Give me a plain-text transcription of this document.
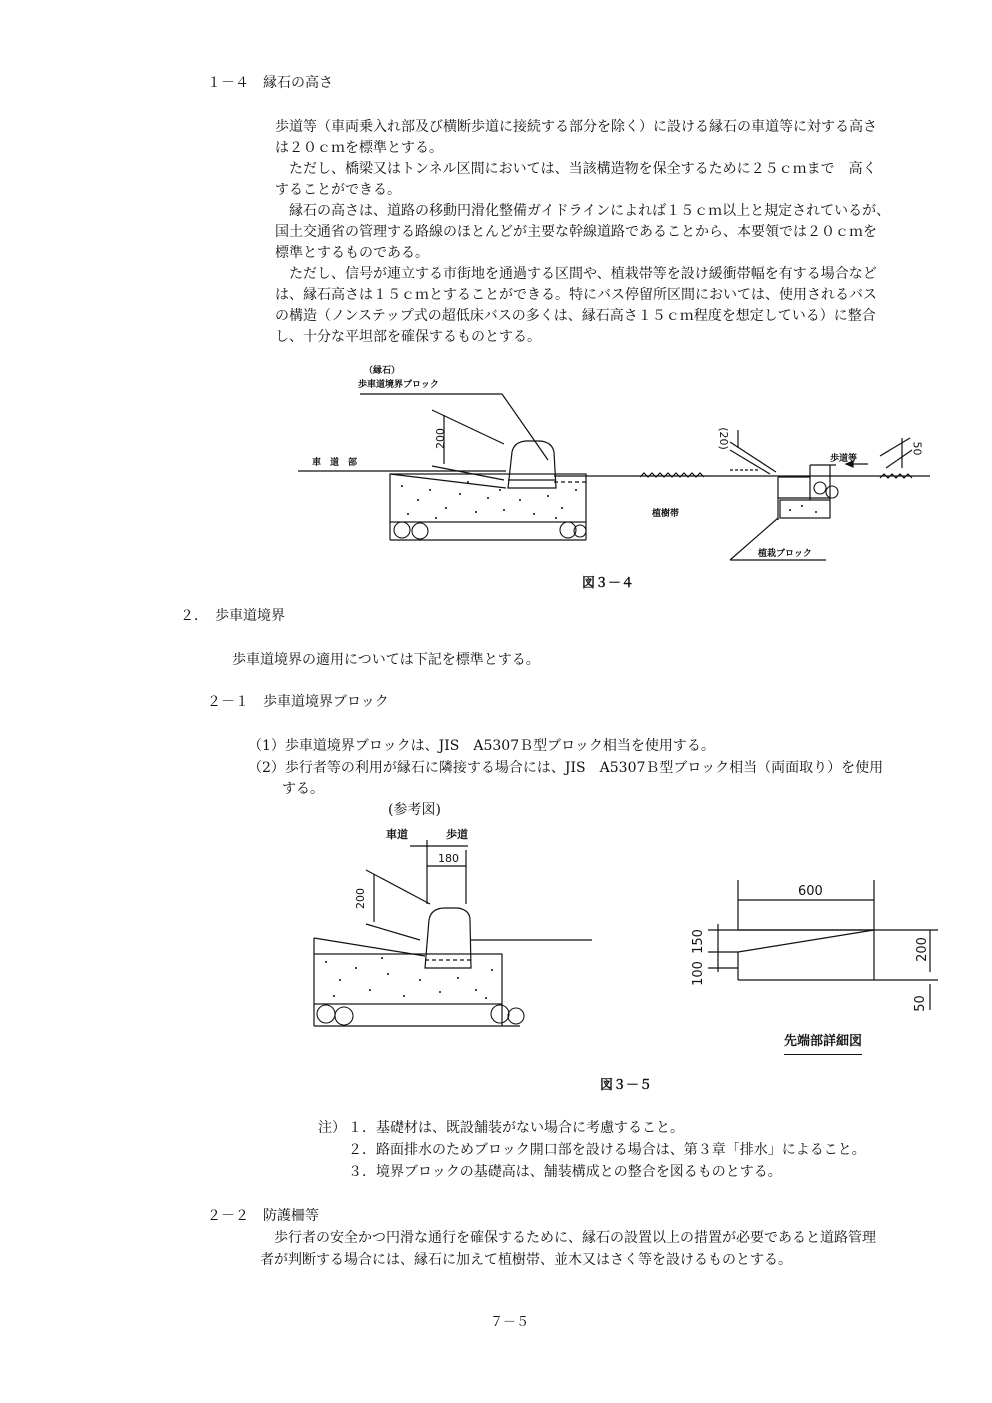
１－４　縁石の高さ
歩道等（車両乗入れ部及び横断歩道に接続する部分を除く）に設ける縁石の車道等に対する高さ
は２０ｃｍを標準とする。
　ただし、橋梁又はトンネル区間においては、当該構造物を保全するために２５ｃｍまで　高く
することができる。
　縁石の高さは、道路の移動円滑化整備ガイドラインによれば１５ｃｍ以上と規定されているが、
国土交通省の管理する路線のほとんどが主要な幹線道路であることから、本要領では２０ｃｍを
標準とするものである。
　ただし、信号が連立する市街地を通過する区間や、植栽帯等を設け緩衝帯幅を有する場合など
は、縁石高さは１５ｃｍとすることができる。特にバス停留所区間においては、使用されるバス
の構造（ノンステップ式の超低床バスの多くは、縁石高さ１５ｃｍ程度を想定している）に整合
し、十分な平坦部を確保するものとする。
（縁石）
歩車道境界ブロック
車　道　部	歩道等
植樹帯
植栽ブロック
200	(20)	50
図３－４
２．　歩車道境界
歩車道境界の適用については下記を標準とする。
２－１　歩車道境界ブロック
（1）歩車道境界ブロックは、JIS　A5307Ｂ型ブロック相当を使用する。
（2）歩行者等の利用が縁石に隣接する場合には、JIS　A5307Ｂ型ブロック相当（両面取り）を使用
する。
(参考図)
車道	歩道
180
200	600
150
100
200
50
先端部詳細図
図３－５
注） １．基礎材は、既設舗装がない場合に考慮すること。
２．路面排水のためブロック開口部を設ける場合は、第３章「排水」によること。
３．境界ブロックの基礎高は、舗装構成との整合を図るものとする。
２－２　防護柵等
　歩行者の安全かつ円滑な通行を確保するために、縁石の設置以上の措置が必要であると道路管理
者が判断する場合には、縁石に加えて植樹帯、並木又はさく等を設けるものとする。
７－５
